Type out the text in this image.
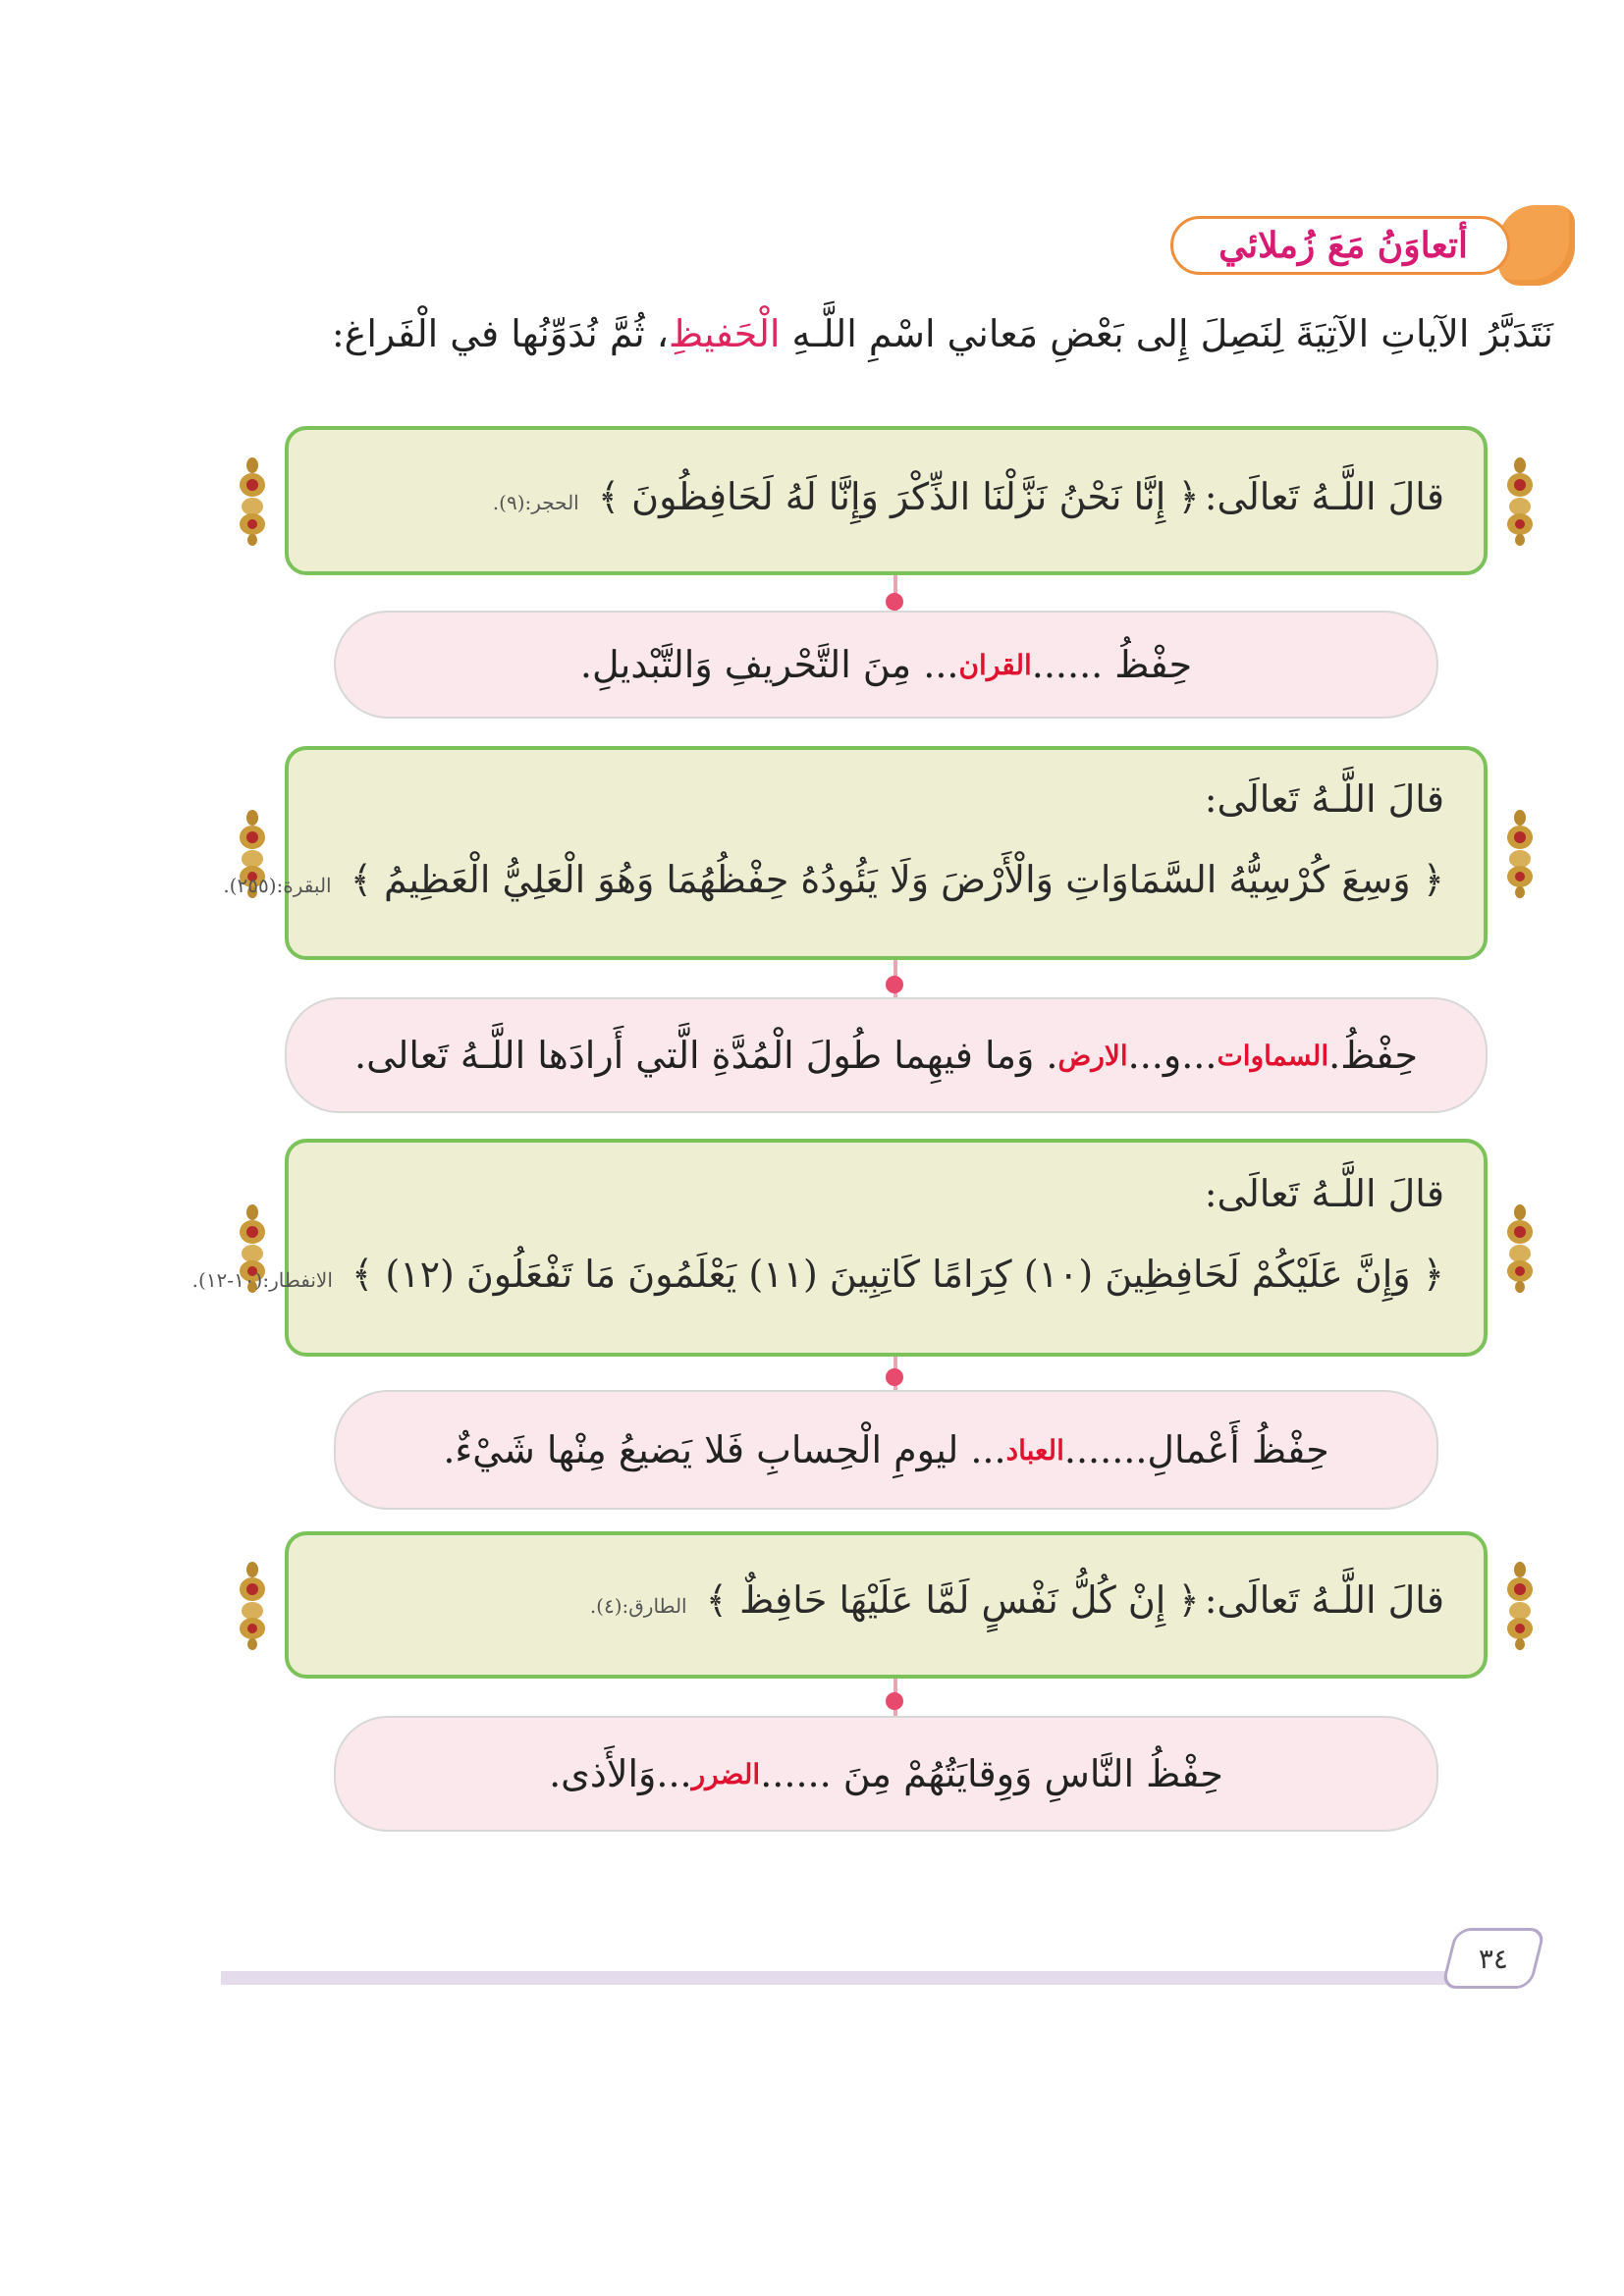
أتعاوَنُ مَعَ زُملائي
نَتَدَبَّرُ الآياتِ الآتِيَةَ لِنَصِلَ إِلى بَعْضِ مَعاني اسْمِ اللَّـهِ الْحَفيظِ، ثُمَّ نُدَوِّنُها في الْفَراغ:
قالَ اللَّـهُ تَعالَى: ﴿ إِنَّا نَحْنُ نَزَّلْنَا الذِّكْرَ وَإِنَّا لَهُ لَحَافِظُونَ ﴾ الحجر:(٩).
حِفْظُ ......
القران
... مِنَ التَّحْريفِ وَالتَّبْديلِ.
قالَ اللَّـهُ تَعالَى:
﴿ وَسِعَ كُرْسِيُّهُ السَّمَاوَاتِ وَالْأَرْضَ وَلَا يَئُودُهُ حِفْظُهُمَا وَهُوَ الْعَلِيُّ الْعَظِيمُ ﴾ البقرة:(٢٥٥).
حِفْظُ.
السماوات
...و...
الارض
. وَما فيهِما طُولَ الْمُدَّةِ الَّتي أَرادَها اللَّـهُ تَعالى.
قالَ اللَّـهُ تَعالَى:
﴿ وَإِنَّ عَلَيْكُمْ لَحَافِظِينَ (١٠) كِرَامًا كَاتِبِينَ (١١) يَعْلَمُونَ مَا تَفْعَلُونَ (١٢) ﴾ الانفطار:(١٠-١٢).
حِفْظُ أَعْمالِ.......
العباد
... ليومِ الْحِسابِ فَلا يَضيعُ مِنْها شَيْءٌ.
قالَ اللَّـهُ تَعالَى: ﴿ إِنْ كُلُّ نَفْسٍ لَمَّا عَلَيْهَا حَافِظٌ ﴾ الطارق:(٤).
حِفْظُ النَّاسِ وَوِقايَتُهُمْ مِنَ ......
الضرر
...وَالأَذى.
٣٤
